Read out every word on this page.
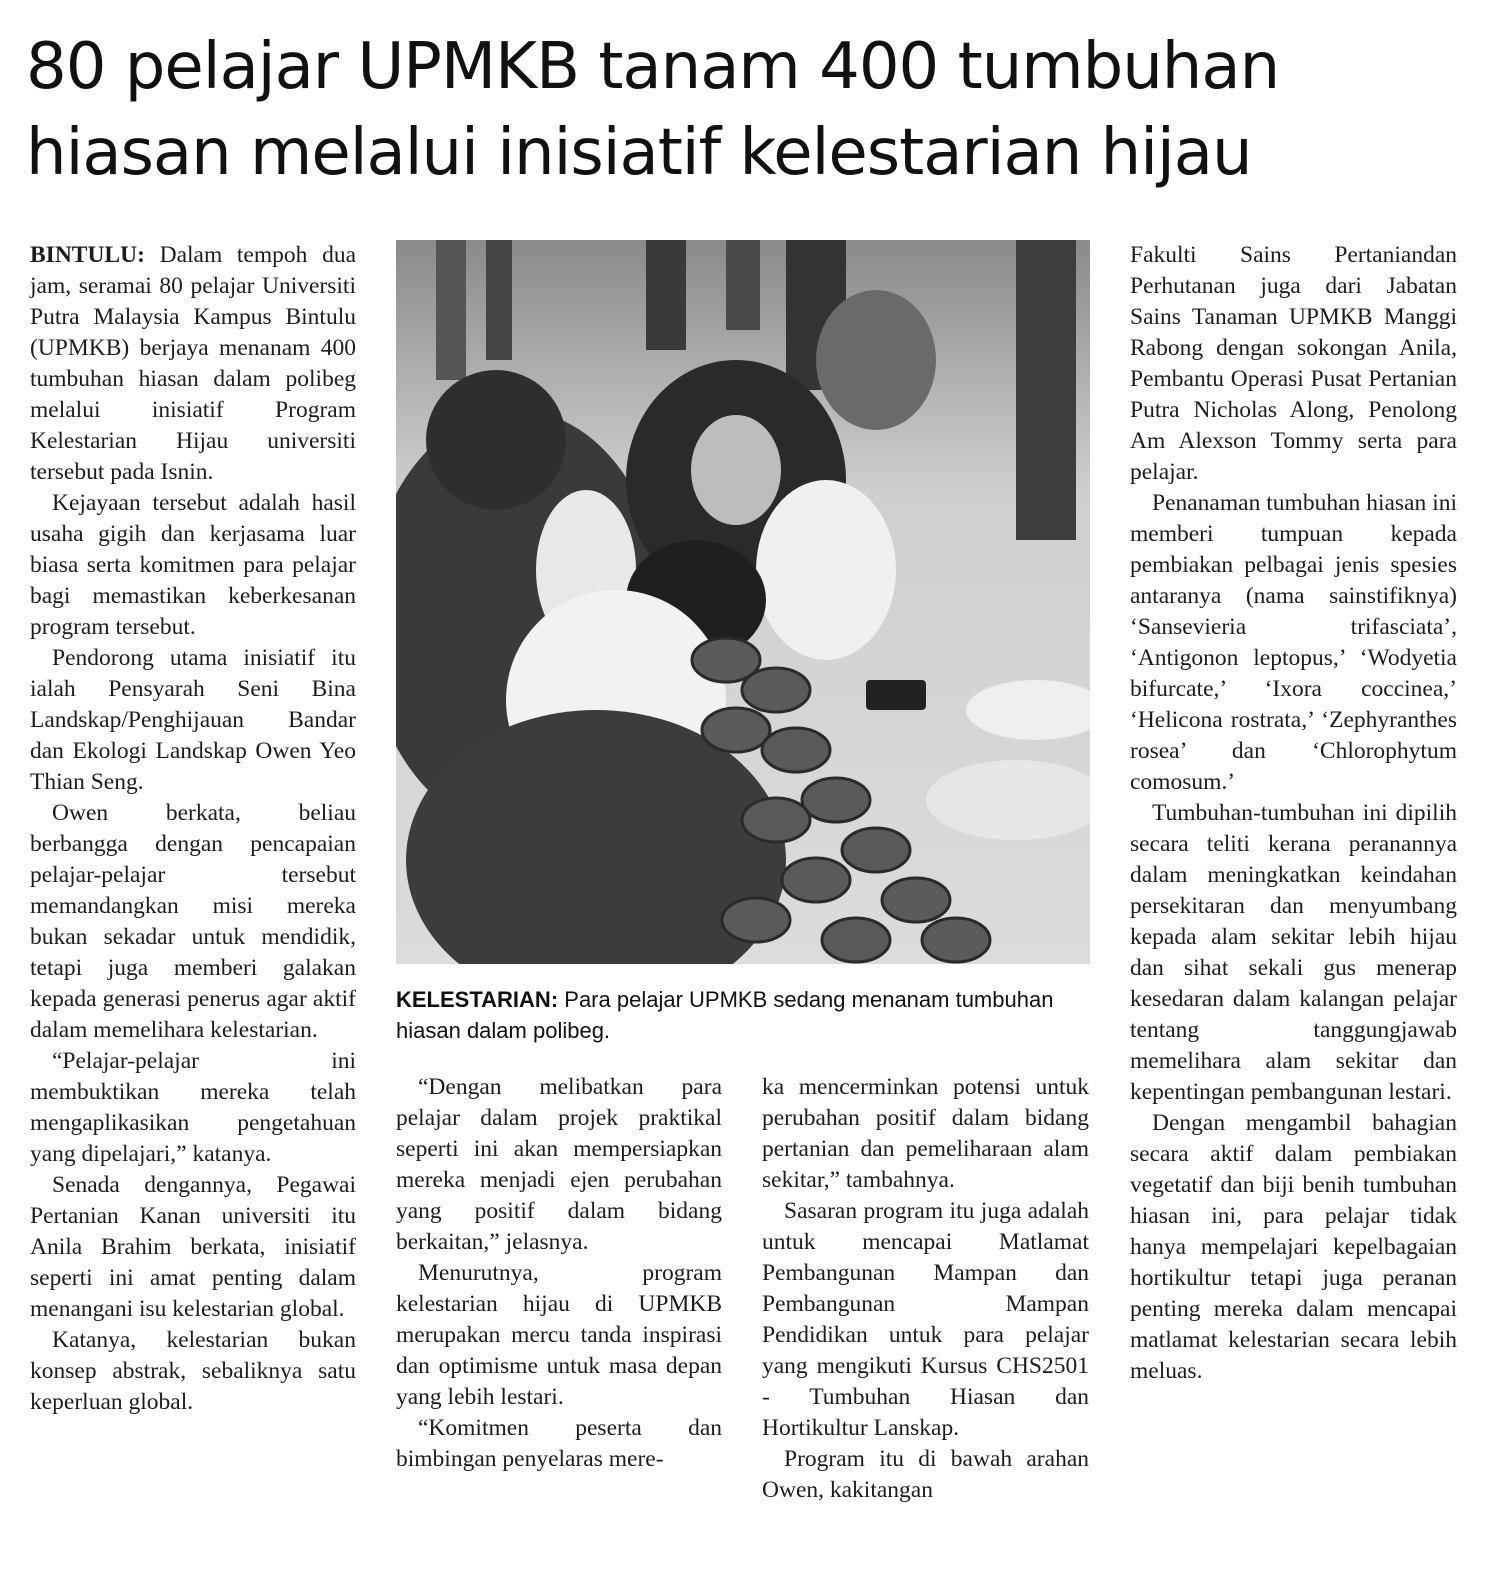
80 pelajar UPMKB tanam 400 tumbuhan
hiasan melalui inisiatif kelestarian hijau

BINTULU: Dalam tempoh dua jam, seramai 80 pelajar Universiti Putra Malaysia Kampus Bintulu (UPMKB) berjaya menanam 400 tumbuhan hiasan dalam polibeg melalui inisiatif Program Kelestarian Hijau universiti tersebut pada Isnin.

Kejayaan tersebut adalah hasil usaha gigih dan kerjasama luar biasa serta komitmen para pelajar bagi memastikan keberkesanan program tersebut.

Pendorong utama inisiatif itu ialah Pensyarah Seni Bina Landskap/Penghijauan Bandar dan Ekologi Landskap Owen Yeo Thian Seng.

Owen berkata, beliau berbangga dengan pencapaian pelajar-pelajar tersebut memandangkan misi mereka bukan sekadar untuk mendidik, tetapi juga memberi galakan kepada generasi penerus agar aktif dalam memelihara kelestarian.

“Pelajar-pelajar ini membuktikan mereka telah mengaplikasikan pengetahuan yang dipelajari,” katanya.

Senada dengannya, Pegawai Pertanian Kanan universiti itu Anila Brahim berkata, inisiatif seperti ini amat penting dalam menangani isu kelestarian global.

Katanya, kelestarian bukan konsep abstrak, sebaliknya satu keperluan global.

KELESTARIAN: Para pelajar UPMKB sedang menanam tumbuhan hiasan dalam polibeg.

“Dengan melibatkan para pelajar dalam projek praktikal seperti ini akan mempersiapkan mereka menjadi ejen perubahan yang positif dalam bidang berkaitan,” jelasnya.

Menurutnya, program kelestarian hijau di UPMKB merupakan mercu tanda inspirasi dan optimisme untuk masa depan yang lebih lestari.

“Komitmen peserta dan bimbingan penyelaras mere-

ka mencerminkan potensi untuk perubahan positif dalam bidang pertanian dan pemeliharaan alam sekitar,” tambahnya.

Sasaran program itu juga adalah untuk mencapai Matlamat Pembangunan Mampan dan Pembangunan Mampan Pendidikan untuk para pelajar yang mengikuti Kursus CHS2501 - Tumbuhan Hiasan dan Hortikultur Lanskap.

Program itu di bawah arahan Owen, kakitangan

Fakulti Sains Pertaniandan Perhutanan juga dari Jabatan Sains Tanaman UPMKB Manggi Rabong dengan sokongan Anila, Pembantu Operasi Pusat Pertanian Putra Nicholas Along, Penolong Am Alexson Tommy serta para pelajar.

Penanaman tumbuhan hiasan ini memberi tumpuan kepada pembiakan pelbagai jenis spesies antaranya (nama sainstifiknya) ‘Sansevieria trifasciata’, ‘Antigonon leptopus,’ ‘Wodyetia bifurcate,’ ‘Ixora coccinea,’ ‘Helicona rostrata,’ ‘Zephyranthes rosea’ dan ‘Chlorophytum comosum.’

Tumbuhan-tumbuhan ini dipilih secara teliti kerana peranannya dalam meningkatkan keindahan persekitaran dan menyumbang kepada alam sekitar lebih hijau dan sihat sekali gus menerap kesedaran dalam kalangan pelajar tentang tanggungjawab memelihara alam sekitar dan kepentingan pembangunan lestari.

Dengan mengambil bahagian secara aktif dalam pembiakan vegetatif dan biji benih tumbuhan hiasan ini, para pelajar tidak hanya mempelajari kepelbagaian hortikultur tetapi juga peranan penting mereka dalam mencapai matlamat kelestarian secara lebih meluas.
